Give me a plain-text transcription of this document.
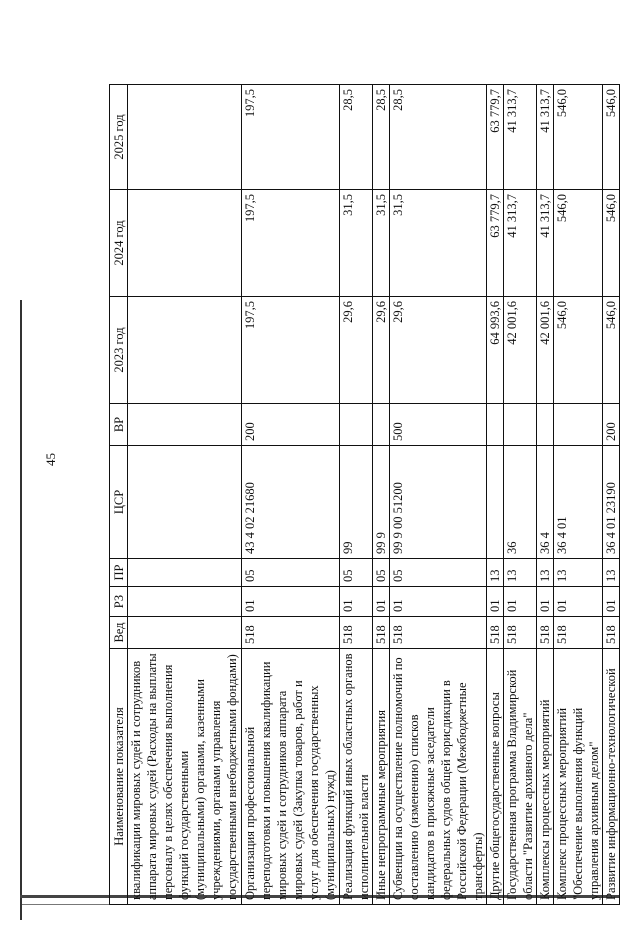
45
Наименование показателя	Вед	РЗ	ПР	ЦСР	ВР	2023 год	2024 год	2025 год
квалификации мировых судей и сотрудников аппарата мировых судей (Расходы на выплаты персоналу в целях обеспечения выполнения функций государственными (муниципальными) органами, казенными учреждениями, органами управления государственными внебюджетными фондами)								
Организация профессиональной переподготовки и повышения квалификации мировых судей и сотрудников аппарата мировых судей (Закупка товаров, работ и услуг для обеспечения государственных (муниципальных) нужд)	518	01	05	43 4 02 21680	200	197,5	197,5	197,5
Реализация функций иных областных органов исполнительной власти	518	01	05	99		29,6	31,5	28,5
Иные непрограммные мероприятия	518	01	05	99 9		29,6	31,5	28,5
Субвенции на осуществление полномочий по составлению (изменению) списков кандидатов в присяжные заседатели федеральных судов общей юрисдикции в Российской Федерации (Межбюджетные трансферты)	518	01	05	99 9 00 51200	500	29,6	31,5	28,5
Другие общегосударственные вопросы	518	01	13			64 993,6	63 779,7	63 779,7
Государственная программа Владимирской области "Развитие архивного дела"	518	01	13	36		42 001,6	41 313,7	41 313,7
Комплексы процессных мероприятий	518	01	13	36 4		42 001,6	41 313,7	41 313,7
Комплекс процессных мероприятий "Обеспечение выполнения функций управления архивным делом"	518	01	13	36 4 01		546,0	546,0	546,0
Развитие информационно-технологической	518	01	13	36 4 01 23190	200	546,0	546,0	546,0
